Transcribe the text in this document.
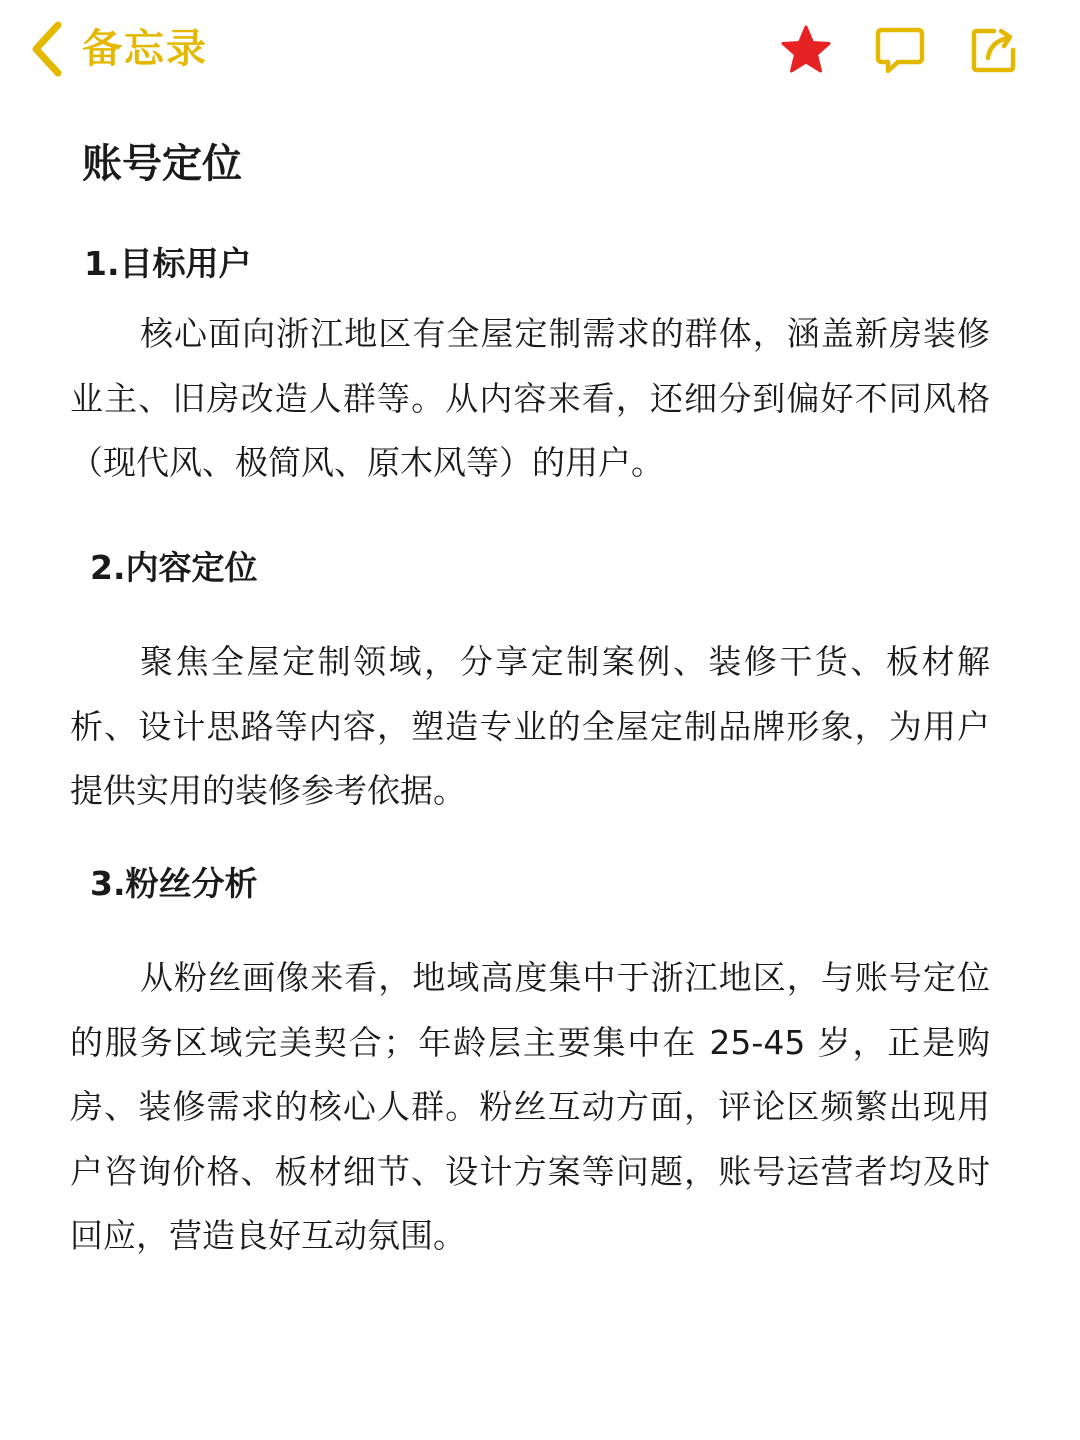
备忘录
账号定位
1.目标用户

核心面向浙江地区有全屋定制需求的群体，涵盖新房装修业主、旧房改造人群等。从内容来看，还细分到偏好不同风格（现代风、极简风、原木风等）的用户。

2.内容定位

聚焦全屋定制领域，分享定制案例、装修干货、板材解析、设计思路等内容，塑造专业的全屋定制品牌形象，为用户提供实用的装修参考依据。

3.粉丝分析

从粉丝画像来看，地域高度集中于浙江地区，与账号定位的服务区域完美契合；年龄层主要集中在 25-45 岁，正是购房、装修需求的核心人群。粉丝互动方面，评论区频繁出现用户咨询价格、板材细节、设计方案等问题，账号运营者均及时回应，营造良好互动氛围。
